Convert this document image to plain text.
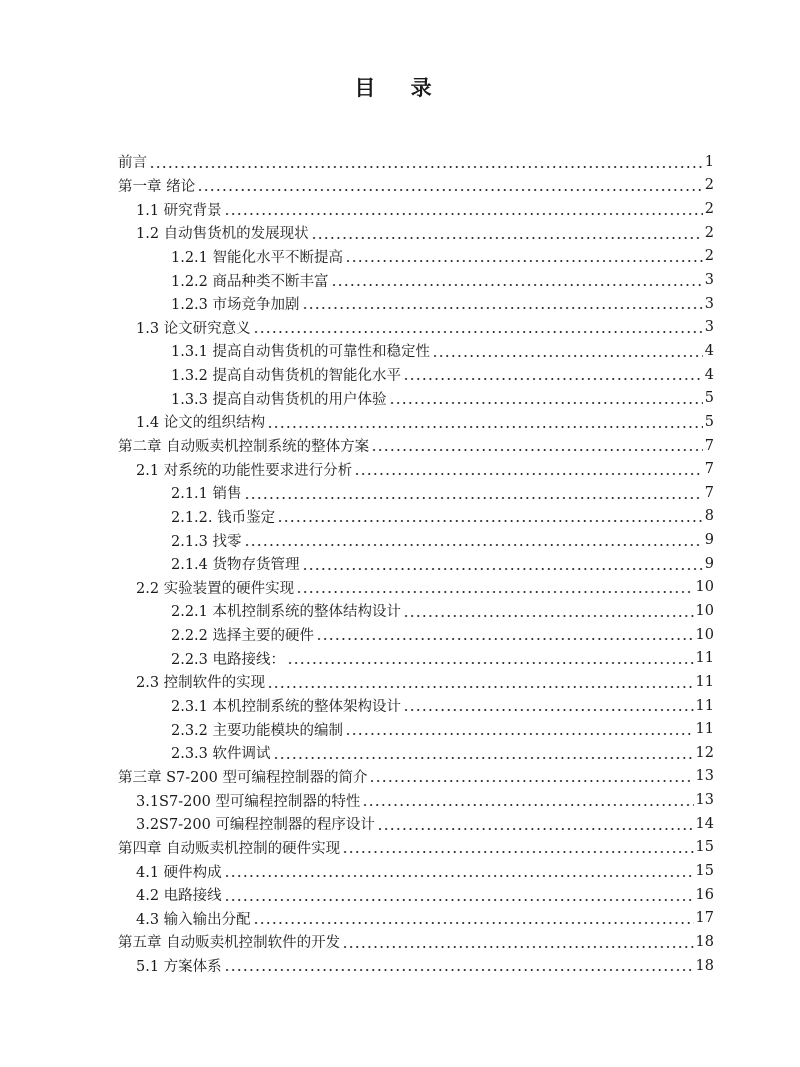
目 录
前言	1
第一章 绪论	2
1.1 研究背景	2
1.2 自动售货机的发展现状	2
1.2.1 智能化水平不断提高	2
1.2.2 商品种类不断丰富	3
1.2.3 市场竞争加剧	3
1.3 论文研究意义	3
1.3.1 提高自动售货机的可靠性和稳定性	4
1.3.2 提高自动售货机的智能化水平	4
1.3.3 提高自动售货机的用户体验	5
1.4 论文的组织结构	5
第二章 自动贩卖机控制系统的整体方案	7
2.1 对系统的功能性要求进行分析	7
2.1.1 销售	7
2.1.2. 钱币鉴定	8
2.1.3 找零	9
2.1.4 货物存货管理	9
2.2 实验装置的硬件实现	10
2.2.1 本机控制系统的整体结构设计	10
2.2.2 选择主要的硬件	10
2.2.3 电路接线：	11
2.3 控制软件的实现	11
2.3.1 本机控制系统的整体架构设计	11
2.3.2 主要功能模块的编制	11
2.3.3 软件调试	12
第三章 S7-200 型可编程控制器的简介	13
3.1S7-200 型可编程控制器的特性	13
3.2S7-200 可编程控制器的程序设计	14
第四章 自动贩卖机控制的硬件实现	15
4.1 硬件构成	15
4.2 电路接线	16
4.3 输入输出分配	17
第五章 自动贩卖机控制软件的开发	18
5.1 方案体系	18
